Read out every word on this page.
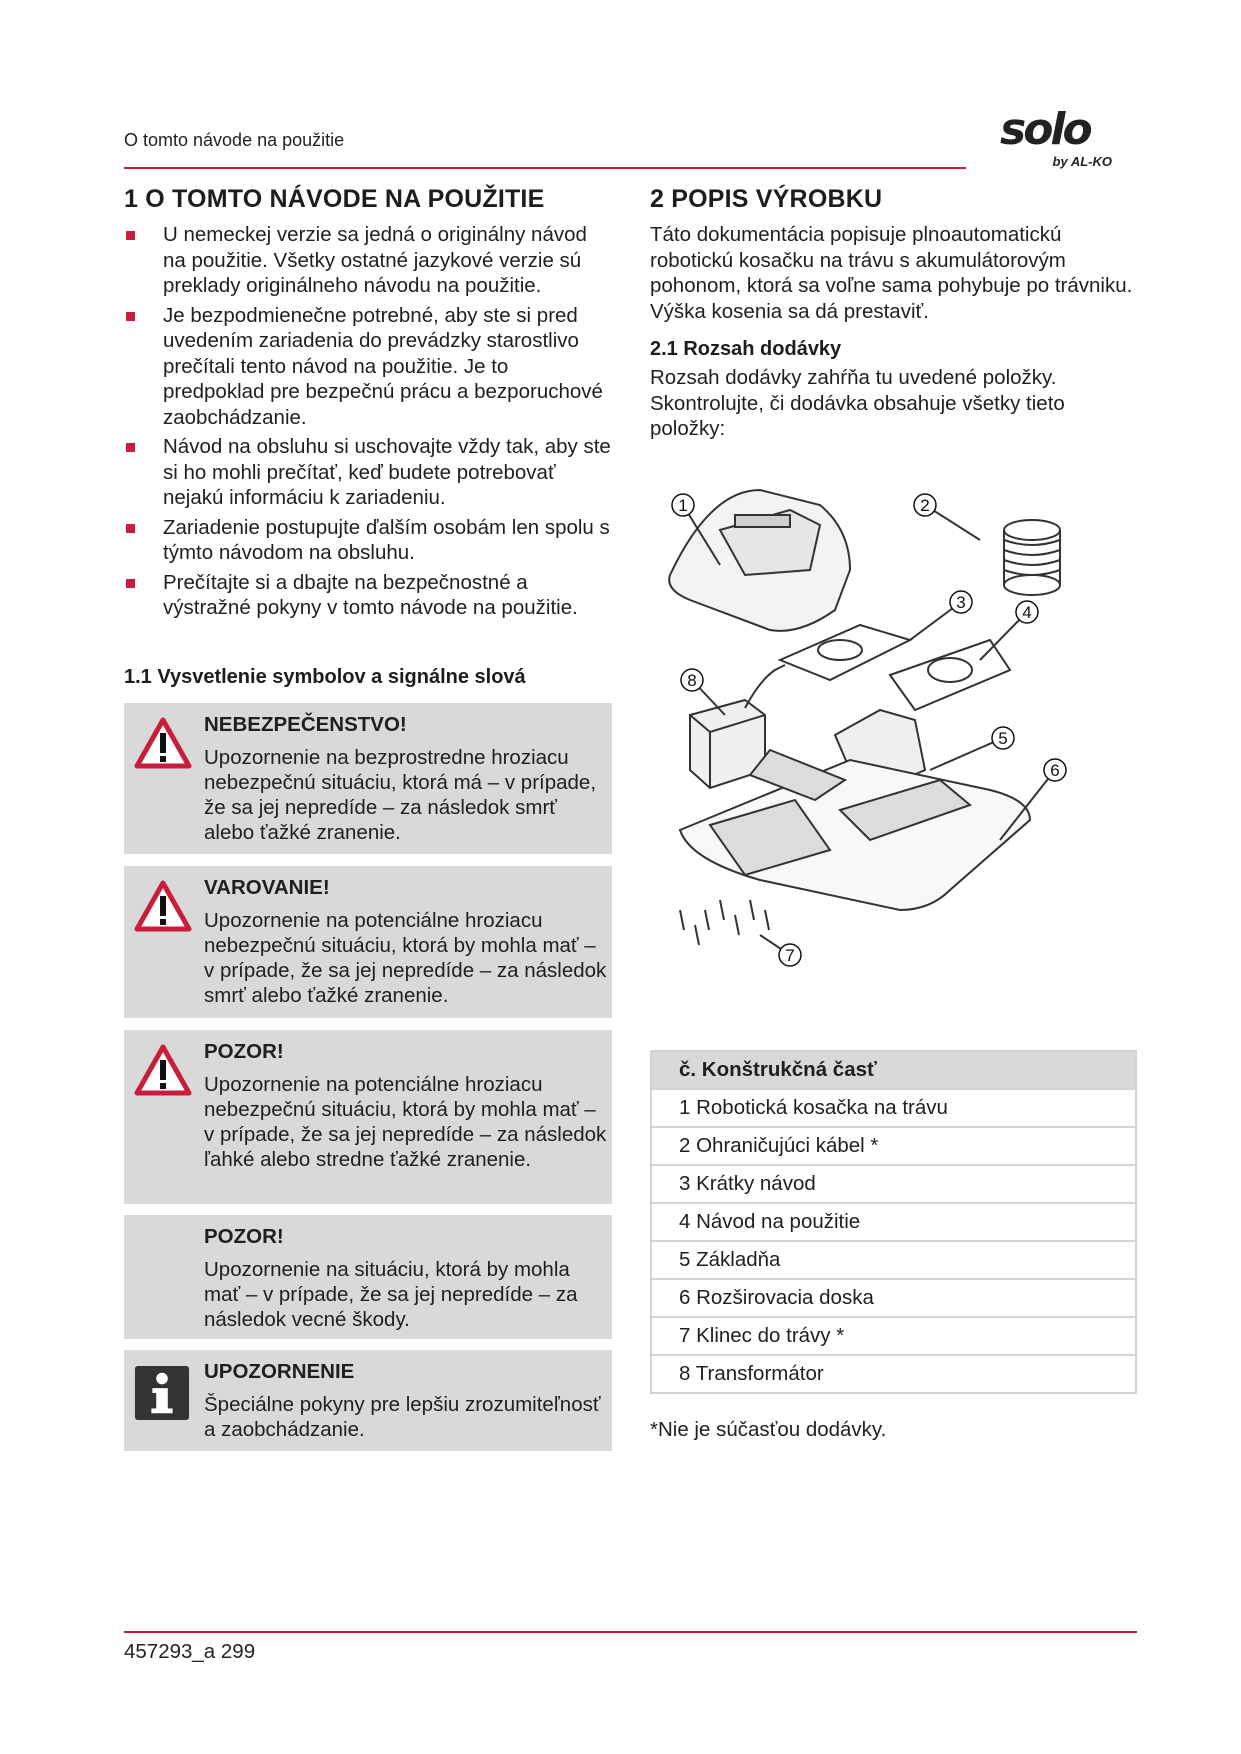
O tomto návode na použitie	solo
by AL-KO
1 O TOMTO NÁVODE NA POUŽITIE
U nemeckej verzie sa jedná o originálny návod na použitie. Všetky ostatné jazykové verzie sú preklady originálneho návodu na použitie.
Je bezpodmienečne potrebné, aby ste si pred uvedením zariadenia do prevádzky starostlivo prečítali tento návod na použitie. Je to predpoklad pre bezpečnú prácu a bezporuchové zaobchádzanie.
Návod na obsluhu si uschovajte vždy tak, aby ste si ho mohli prečítať, keď budete potrebovať nejakú informáciu k zariadeniu.
Zariadenie postupujte ďalším osobám len spolu s týmto návodom na obsluhu.
Prečítajte si a dbajte na bezpečnostné a výstražné pokyny v tomto návode na použitie.
1.1 Vysvetlenie symbolov a signálne slová
NEBEZPEČENSTVO!
Upozornenie na bezprostredne hroziacu nebezpečnú situáciu, ktorá má – v prípade, že sa jej nepredíde – za následok smrť alebo ťažké zranenie.
VAROVANIE!
Upozornenie na potenciálne hroziacu nebezpečnú situáciu, ktorá by mohla mať – v prípade, že sa jej nepredíde – za následok smrť alebo ťažké zranenie.
POZOR!
Upozornenie na potenciálne hroziacu nebezpečnú situáciu, ktorá by mohla mať – v prípade, že sa jej nepredíde – za následok ľahké alebo stredne ťažké zranenie.
POZOR!
Upozornenie na situáciu, ktorá by mohla mať – v prípade, že sa jej nepredíde – za následok vecné škody.
UPOZORNENIE
Špeciálne pokyny pre lepšiu zrozumiteľnosť a zaobchádzanie.
2 POPIS VÝROBKU

Táto dokumentácia popisuje plnoautomatickú robotickú kosačku na trávu s akumulátorovým pohonom, ktorá sa voľne sama pohybuje po trávniku. Výška kosenia sa dá prestaviť.

2.1 Rozsah dodávky

Rozsah dodávky zahŕňa tu uvedené položky. Skontrolujte, či dodávka obsahuje všetky tieto položky:

1	2
3
4
5
6
7
8
č. Konštrukčná časť
1 Robotická kosačka na trávu
2 Ohraničujúci kábel *
3 Krátky návod
4 Návod na použitie
5 Základňa
6 Rozširovacia doska
7 Klinec do trávy *
8 Transformátor
*Nie je súčasťou dodávky.
457293_a 299
